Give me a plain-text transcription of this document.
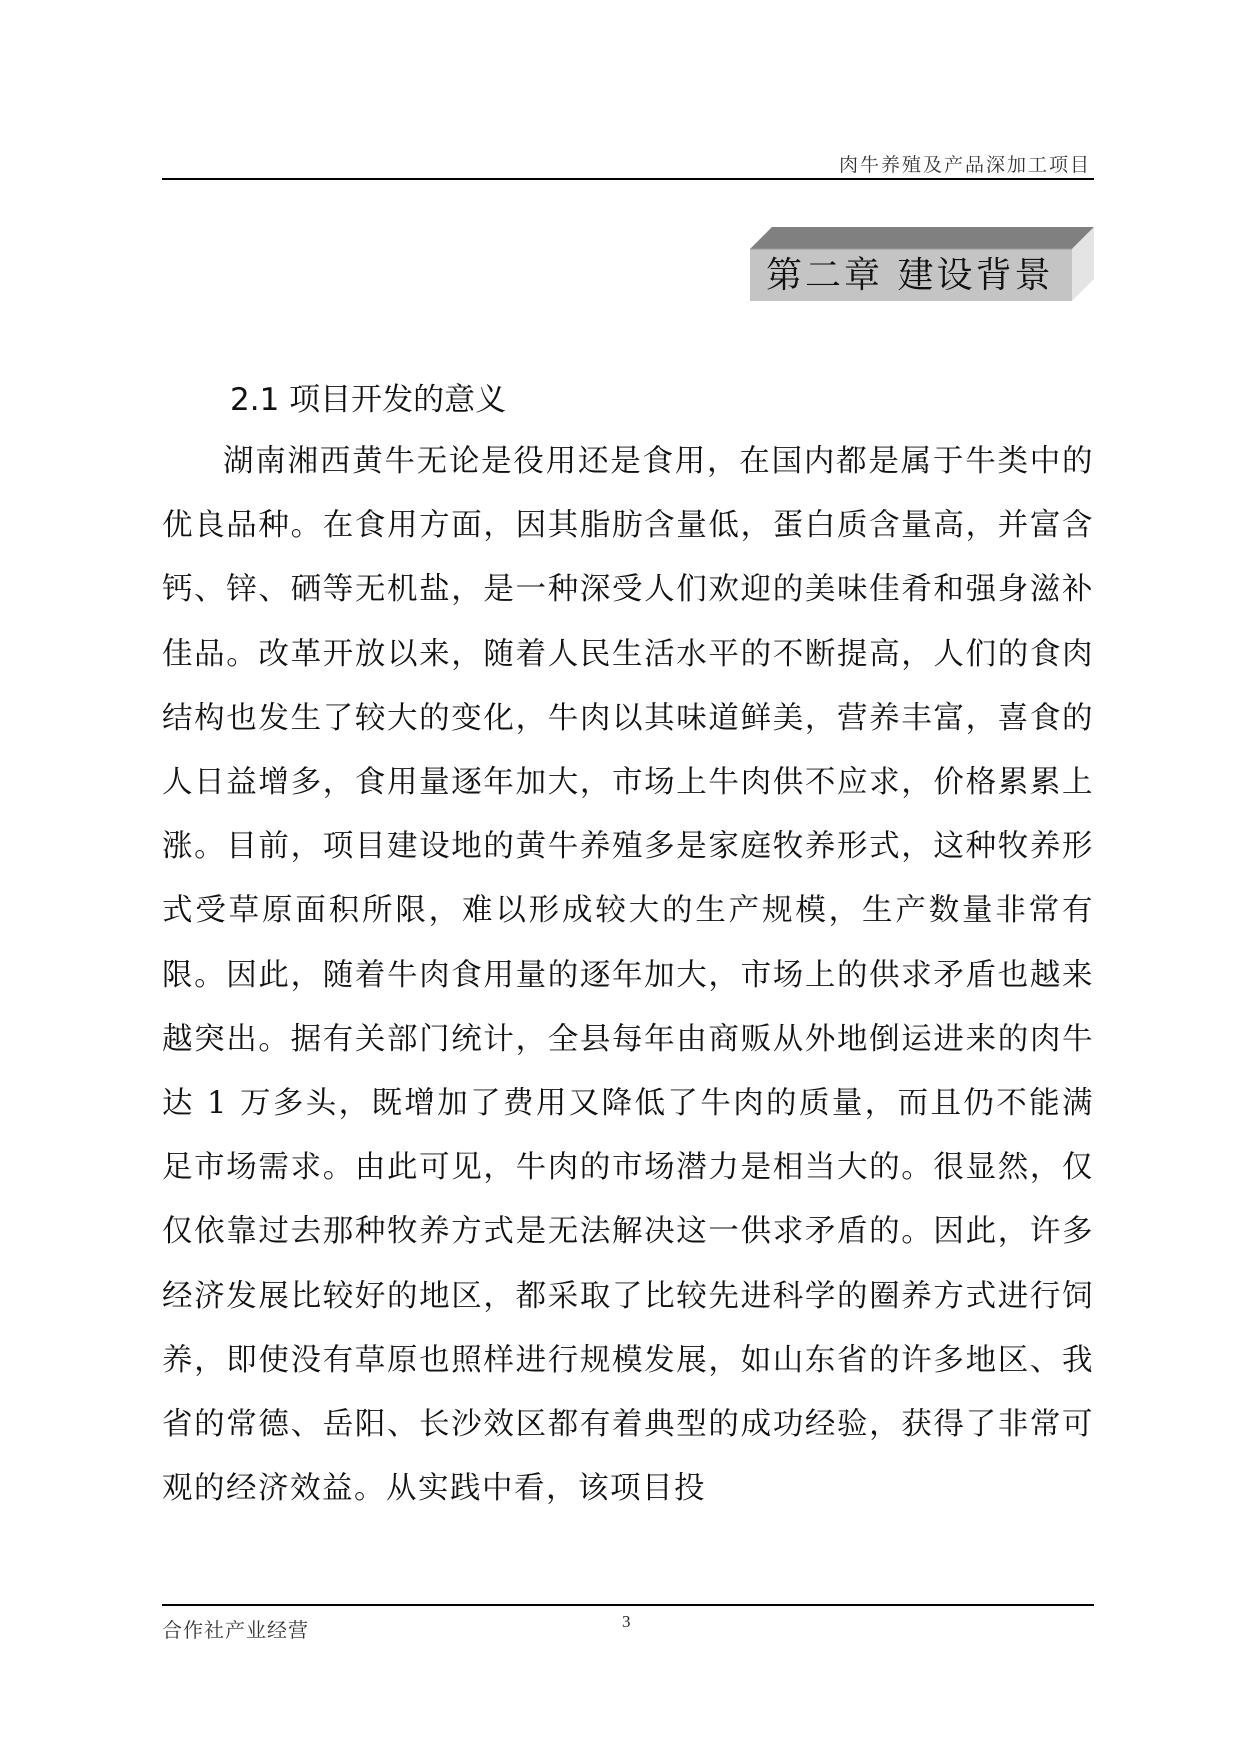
肉牛养殖及产品深加工项目
第二章 建设背景
2.1 项目开发的意义

湖南湘西黄牛无论是役用还是食用，在国内都是属于牛类中的优良品种。在食用方面，因其脂肪含量低，蛋白质含量高，并富含钙、锌、硒等无机盐，是一种深受人们欢迎的美味佳肴和强身滋补佳品。改革开放以来，随着人民生活水平的不断提高，人们的食肉结构也发生了较大的变化，牛肉以其味道鲜美，营养丰富，喜食的人日益增多，食用量逐年加大，市场上牛肉供不应求，价格累累上涨。目前，项目建设地的黄牛养殖多是家庭牧养形式，这种牧养形式受草原面积所限，难以形成较大的生产规模，生产数量非常有限。因此，随着牛肉食用量的逐年加大，市场上的供求矛盾也越来越突出。据有关部门统计，全县每年由商贩从外地倒运进来的肉牛达 1 万多头，既增加了费用又降低了牛肉的质量，而且仍不能满足市场需求。由此可见，牛肉的市场潜力是相当大的。很显然，仅仅依靠过去那种牧养方式是无法解决这一供求矛盾的。因此，许多经济发展比较好的地区，都采取了比较先进科学的圈养方式进行饲养，即使没有草原也照样进行规模发展，如山东省的许多地区、我省的常德、岳阳、长沙效区都有着典型的成功经验，获得了非常可观的经济效益。从实践中看，该项目投

合作社产业经营	3
